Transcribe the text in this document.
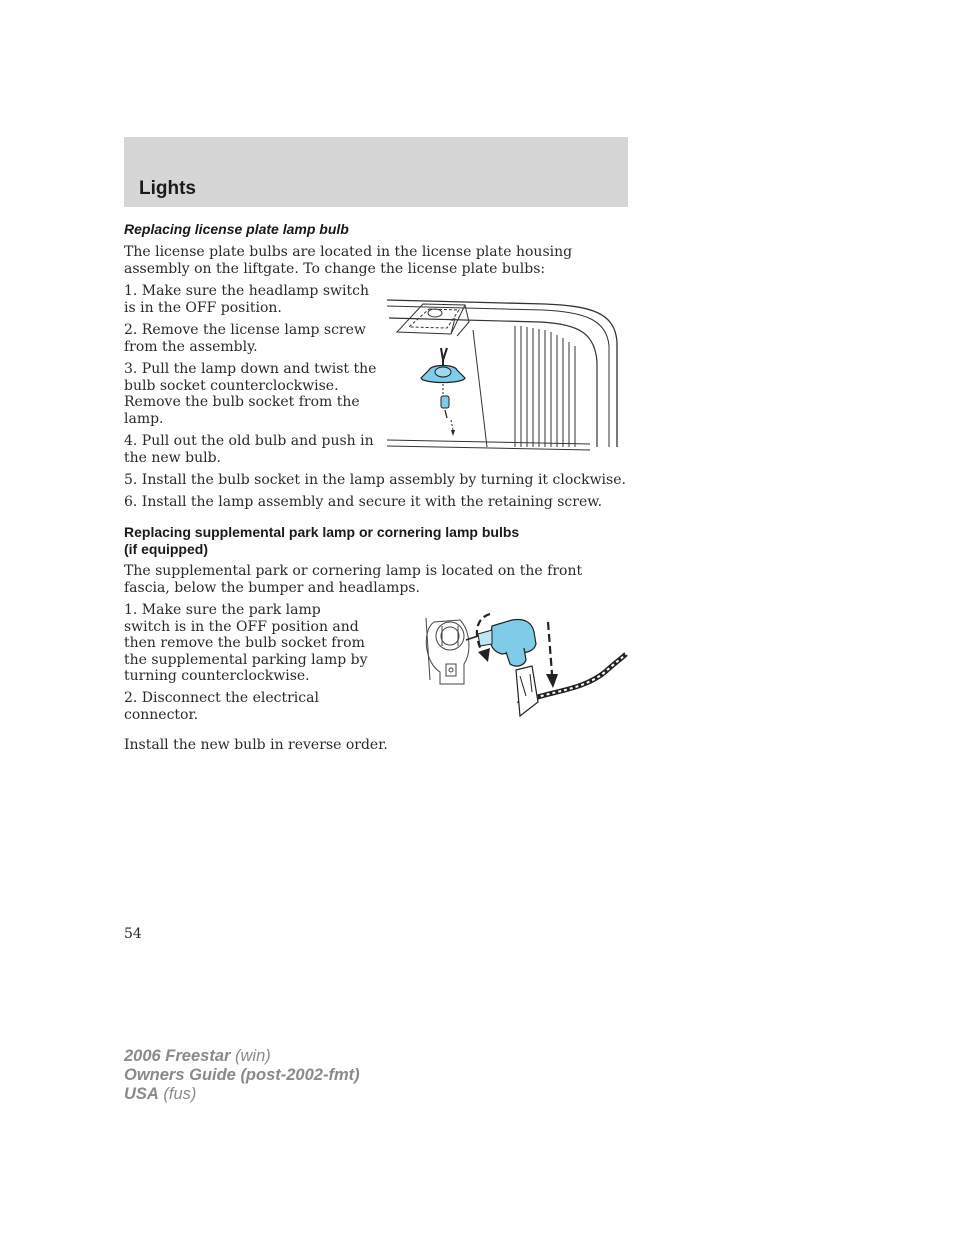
Lights
Replacing license plate lamp bulb
The license plate bulbs are located in the license plate housing assembly on the liftgate. To change the license plate bulbs:
1. Make sure the headlamp switch is in the OFF position.
2. Remove the license lamp screw from the assembly.
3. Pull the lamp down and twist the bulb socket counterclockwise. Remove the bulb socket from the lamp.
4. Pull out the old bulb and push in the new bulb.
5. Install the bulb socket in the lamp assembly by turning it clockwise.
6. Install the lamp assembly and secure it with the retaining screw.
Replacing supplemental park lamp or cornering lamp bulbs
(if equipped)
The supplemental park or cornering lamp is located on the front fascia, below the bumper and headlamps.
1. Make sure the park lamp switch is in the OFF position and then remove the bulb socket from the supplemental parking lamp by turning counterclockwise.
2. Disconnect the electrical connector.
Install the new bulb in reverse order.
54
2006 Freestar (win)
Owners Guide (post-2002-fmt)
USA (fus)
